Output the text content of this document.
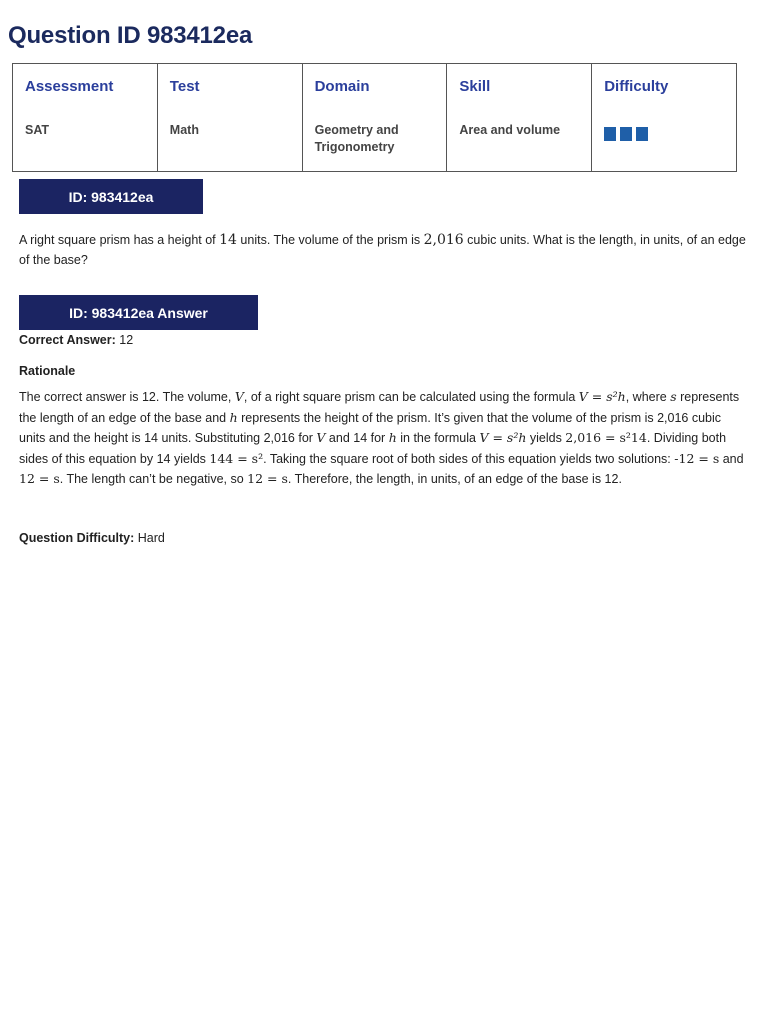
Question ID 983412ea
Assessment	Test	Domain	Skill	Difficulty
SAT	Math	Geometry and Trigonometry	Area and volume	
ID: 983412ea

A right square prism has a height of 14 units. The volume of the prism is 2,016 cubic units. What is the length, in units, of an edge of the base?

ID: 983412ea Answer

Correct Answer: 12

Rationale

The correct answer is 12. The volume, V, of a right square prism can be calculated using the formula V = s²h, where s represents the length of an edge of the base and h represents the height of the prism. It’s given that the volume of the prism is 2,016 cubic units and the height is 14 units. Substituting 2,016 for V and 14 for h in the formula V = s²h yields 2,016 = s²14. Dividing both sides of this equation by 14 yields 144 = s². Taking the square root of both sides of this equation yields two solutions: -12 = s and 12 = s. The length can’t be negative, so 12 = s. Therefore, the length, in units, of an edge of the base is 12.

Question Difficulty: Hard
